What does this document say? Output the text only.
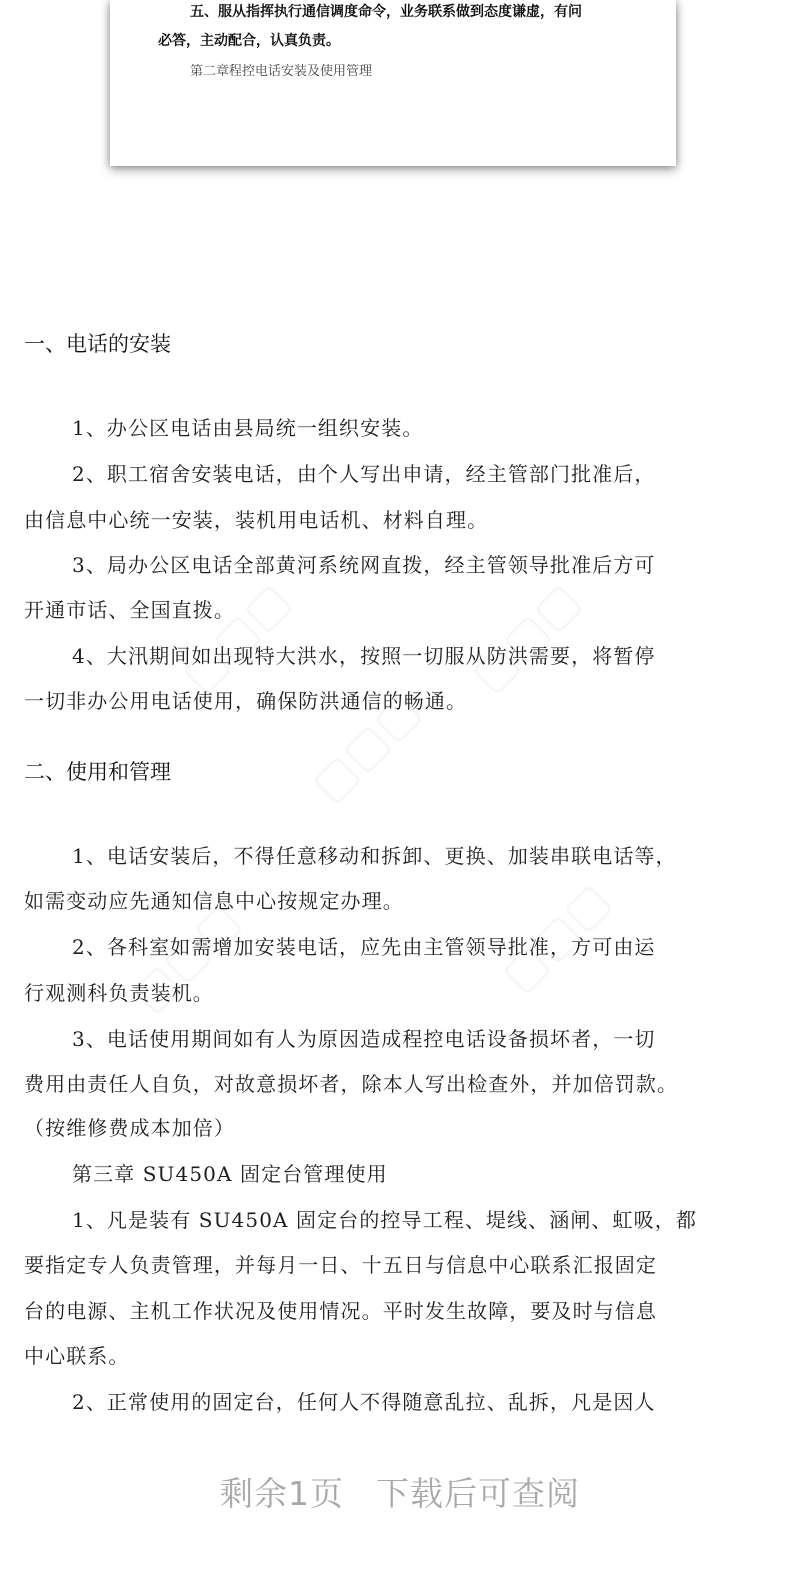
五、服从指挥执行通信调度命令，业务联系做到态度谦虚，有问
必答，主动配合，认真负责。
第二章程控电话安装及使用管理
一、电话的安装
1、办公区电话由县局统一组织安装。
2、职工宿舍安装电话，由个人写出申请，经主管部门批准后，
由信息中心统一安装，装机用电话机、材料自理。
3、局办公区电话全部黄河系统网直拨，经主管领导批准后方可
开通市话、全国直拨。
4、大汛期间如出现特大洪水，按照一切服从防洪需要，将暂停
一切非办公用电话使用，确保防洪通信的畅通。
二、使用和管理
1、电话安装后，不得任意移动和拆卸、更换、加装串联电话等，
如需变动应先通知信息中心按规定办理。
2、各科室如需增加安装电话，应先由主管领导批准，方可由运
行观测科负责装机。
3、电话使用期间如有人为原因造成程控电话设备损坏者，一切
费用由责任人自负，对故意损坏者，除本人写出检查外，并加倍罚款。
（按维修费成本加倍）
第三章 SU450A 固定台管理使用
1、凡是装有 SU450A 固定台的控导工程、堤线、涵闸、虹吸，都
要指定专人负责管理，并每月一日、十五日与信息中心联系汇报固定
台的电源、主机工作状况及使用情况。平时发生故障，要及时与信息
中心联系。
2、正常使用的固定台，任何人不得随意乱拉、乱拆，凡是因人
剩余1页 下载后可查阅
